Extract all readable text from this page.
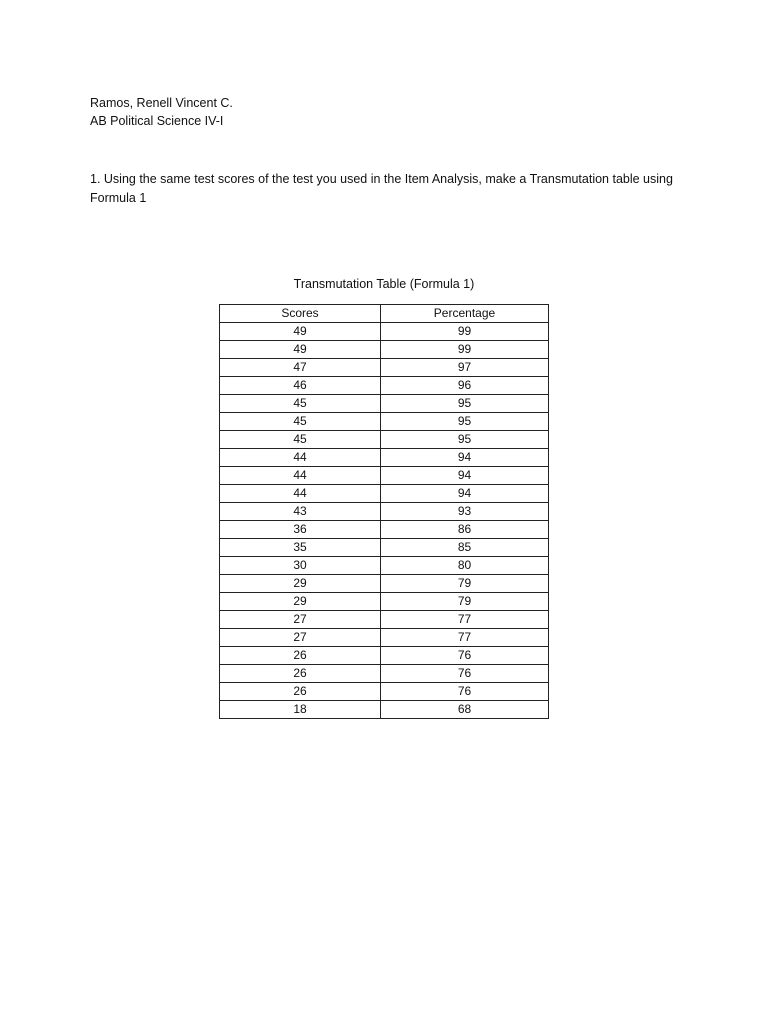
Ramos, Renell Vincent C.
AB Political Science IV-I
1. Using the same test scores of the test you used in the Item Analysis, make a Transmutation table using
Formula 1
Transmutation Table (Formula 1)
Scores	Percentage
49	99
49	99
47	97
46	96
45	95
45	95
45	95
44	94
44	94
44	94
43	93
36	86
35	85
30	80
29	79
29	79
27	77
27	77
26	76
26	76
26	76
18	68
